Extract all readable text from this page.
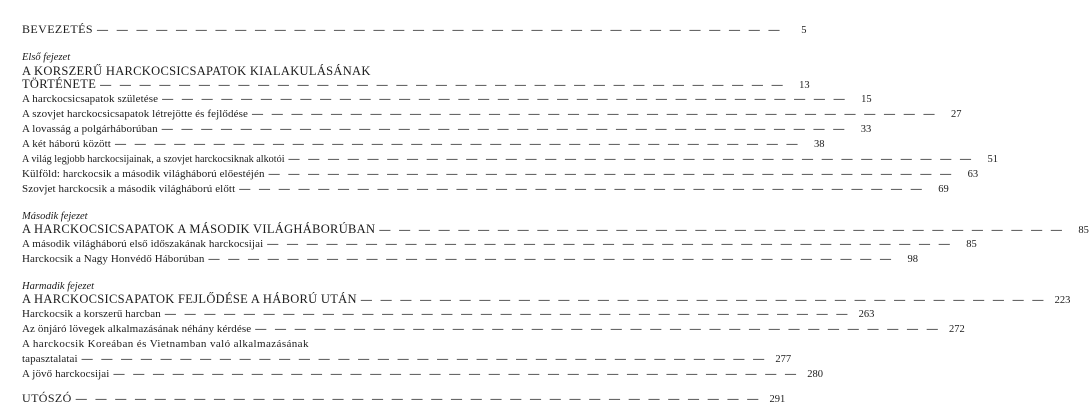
BEVEZETÉS — — — — — — — — — — — — — — — — — — — — — — — — — — — — — — — — — — —	5
Első fejezet
A KORSZERŰ HARCKOCSICSAPATOK KIALAKULÁSÁNAK
TÖRTÉNETE — — — — — — — — — — — — — — — — — — — — — — — — — — — — — — — — — — —	13
A harckocsicsapatok születése — — — — — — — — — — — — — — — — — — — — — — — — — — — — — — — — — — —	15
A szovjet harckocsicsapatok létrejötte és fejlődése — — — — — — — — — — — — — — — — — — — — — — — — — — — — — — — — — — —	27
A lovasság a polgárháborúban — — — — — — — — — — — — — — — — — — — — — — — — — — — — — — — — — — —	33
A két háború között — — — — — — — — — — — — — — — — — — — — — — — — — — — — — — — — — — —	38
A világ legjobb harckocsijainak, a szovjet harckocsiknak alkotói — — — — — — — — — — — — — — — — — — — — — — — — — — — — — — — — — — —	51
Külföld: harckocsik a második világháború előestéjén — — — — — — — — — — — — — — — — — — — — — — — — — — — — — — — — — — —	63
Szovjet harckocsik a második világháború előtt — — — — — — — — — — — — — — — — — — — — — — — — — — — — — — — — — — —	69
Második fejezet
A HARCKOCSICSAPATOK A MÁSODIK VILÁGHÁBORÚBAN — — — — — — — — — — — — — — — — — — — — — — — — — — — — — — — — — — —	85
A második világháború első időszakának harckocsijai — — — — — — — — — — — — — — — — — — — — — — — — — — — — — — — — — — —	85
Harckocsik a Nagy Honvédő Háborúban — — — — — — — — — — — — — — — — — — — — — — — — — — — — — — — — — — —	98
Harmadik fejezet
A HARCKOCSICSAPATOK FEJLŐDÉSE A HÁBORÚ UTÁN — — — — — — — — — — — — — — — — — — — — — — — — — — — — — — — — — — — 223
Harckocsik a korszerű harcban — — — — — — — — — — — — — — — — — — — — — — — — — — — — — — — — — — — 263
Az önjáró lövegek alkalmazásának néhány kérdése — — — — — — — — — — — — — — — — — — — — — — — — — — — — — — — — — — — 272
A harckocsik Koreában és Vietnamban való alkalmazásának
tapasztalatai — — — — — — — — — — — — — — — — — — — — — — — — — — — — — — — — — — — 277
A jövő harckocsijai — — — — — — — — — — — — — — — — — — — — — — — — — — — — — — — — — — — 280
UTÓSZÓ — — — — — — — — — — — — — — — — — — — — — — — — — — — — — — — — — — — 291
